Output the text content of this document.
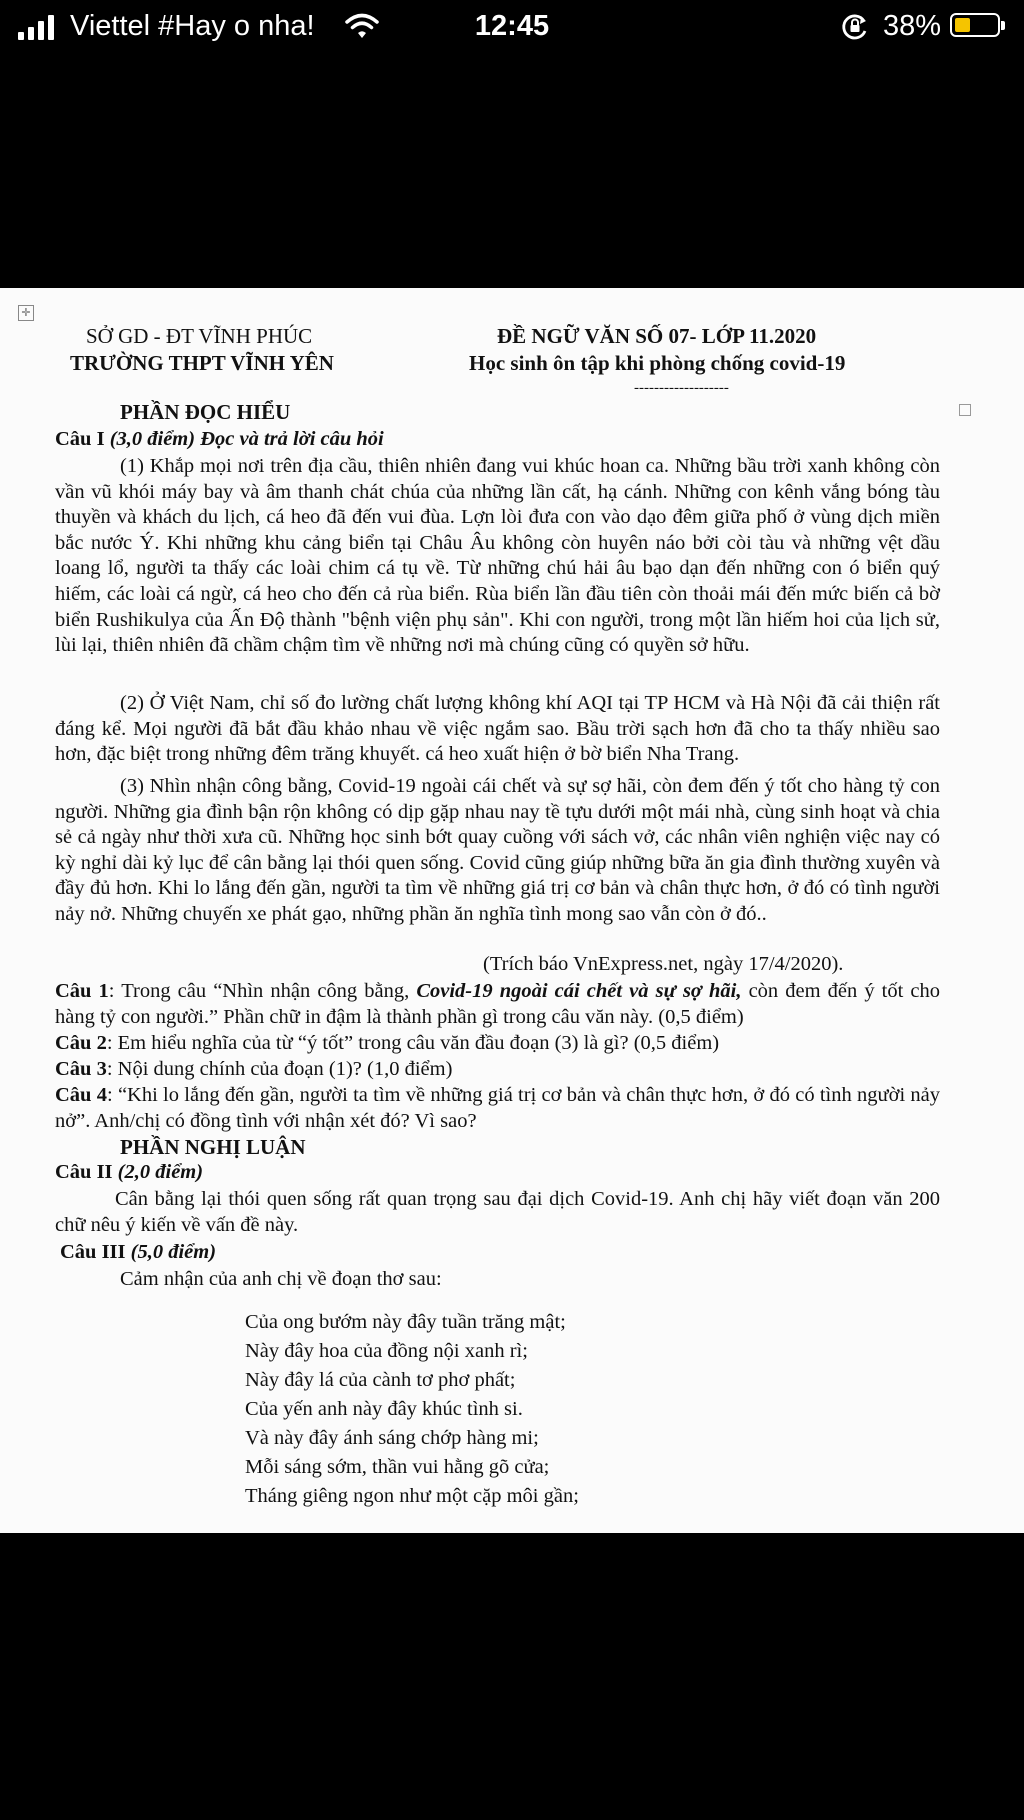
Viettel #Hay o nha!	12:45	38%
✛
SỞ GD - ĐT VĨNH PHÚC
TRƯỜNG THPT VĨNH YÊN
ĐỀ NGỮ VĂN SỐ 07- LỚP 11.2020
Học sinh ôn tập khi phòng chống covid-19
-------------------
PHẦN ĐỌC HIỂU
Câu I (3,0 điểm) Đọc và trả lời câu hỏi
(1) Khắp mọi nơi trên địa cầu, thiên nhiên đang vui khúc hoan ca. Những bầu trời xanh không còn vần vũ khói máy bay và âm thanh chát chúa của những lần cất, hạ cánh. Những con kênh vắng bóng tàu thuyền và khách du lịch, cá heo đã đến vui đùa. Lợn lòi đưa con vào dạo đêm giữa phố ở vùng dịch miền bắc nước Ý. Khi những khu cảng biển tại Châu Âu không còn huyên náo bởi còi tàu và những vệt dầu loang lổ, người ta thấy các loài chim cá tụ về. Từ những chú hải âu bạo dạn đến những con ó biển quý hiếm, các loài cá ngừ, cá heo cho đến cả rùa biển. Rùa biển lần đầu tiên còn thoải mái đến mức biến cả bờ biển Rushikulya của Ấn Độ thành "bệnh viện phụ sản". Khi con người, trong một lần hiếm hoi của lịch sử, lùi lại, thiên nhiên đã chầm chậm tìm về những nơi mà chúng cũng có quyền sở hữu.
(2) Ở Việt Nam, chỉ số đo lường chất lượng không khí AQI tại TP HCM và Hà Nội đã cải thiện rất đáng kể. Mọi người đã bắt đầu khảo nhau về việc ngắm sao. Bầu trời sạch hơn đã cho ta thấy nhiều sao hơn, đặc biệt trong những đêm trăng khuyết. cá heo xuất hiện ở bờ biển Nha Trang.
(3) Nhìn nhận công bằng, Covid-19 ngoài cái chết và sự sợ hãi, còn đem đến ý tốt cho hàng tỷ con người. Những gia đình bận rộn không có dịp gặp nhau nay tề tựu dưới một mái nhà, cùng sinh hoạt và chia sẻ cả ngày như thời xưa cũ. Những học sinh bớt quay cuồng với sách vở, các nhân viên nghiện việc nay có kỳ nghỉ dài kỷ lục để cân bằng lại thói quen sống. Covid cũng giúp những bữa ăn gia đình thường xuyên và đầy đủ hơn. Khi lo lắng đến gần, người ta tìm về những giá trị cơ bản và chân thực hơn, ở đó có tình người nảy nở. Những chuyến xe phát gạo, những phần ăn nghĩa tình mong sao vẫn còn ở đó..
(Trích báo VnExpress.net, ngày 17/4/2020).
Câu 1: Trong câu “Nhìn nhận công bằng, Covid-19 ngoài cái chết và sự sợ hãi, còn đem đến ý tốt cho hàng tỷ con người.” Phần chữ in đậm là thành phần gì trong câu văn này. (0,5 điểm)
Câu 2: Em hiểu nghĩa của từ “ý tốt” trong câu văn đầu đoạn (3) là gì? (0,5 điểm)
Câu 3: Nội dung chính của đoạn (1)? (1,0 điểm)
Câu 4: “Khi lo lắng đến gần, người ta tìm về những giá trị cơ bản và chân thực hơn, ở đó có tình người nảy nở”. Anh/chị có đồng tình với nhận xét đó? Vì sao?
PHẦN NGHỊ LUẬN
Câu II (2,0 điểm)
Cân bằng lại thói quen sống rất quan trọng sau đại dịch Covid-19. Anh chị hãy viết đoạn văn 200 chữ nêu ý kiến về vấn đề này.
Câu III (5,0 điểm)
Cảm nhận của anh chị về đoạn thơ sau:
Của ong bướm này đây tuần trăng mật;
Này đây hoa của đồng nội xanh rì;
Này đây lá của cành tơ phơ phất;
Của yến anh này đây khúc tình si.
Và này đây ánh sáng chớp hàng mi;
Mỗi sáng sớm, thần vui hằng gõ cửa;
Tháng giêng ngon như một cặp môi gần;
